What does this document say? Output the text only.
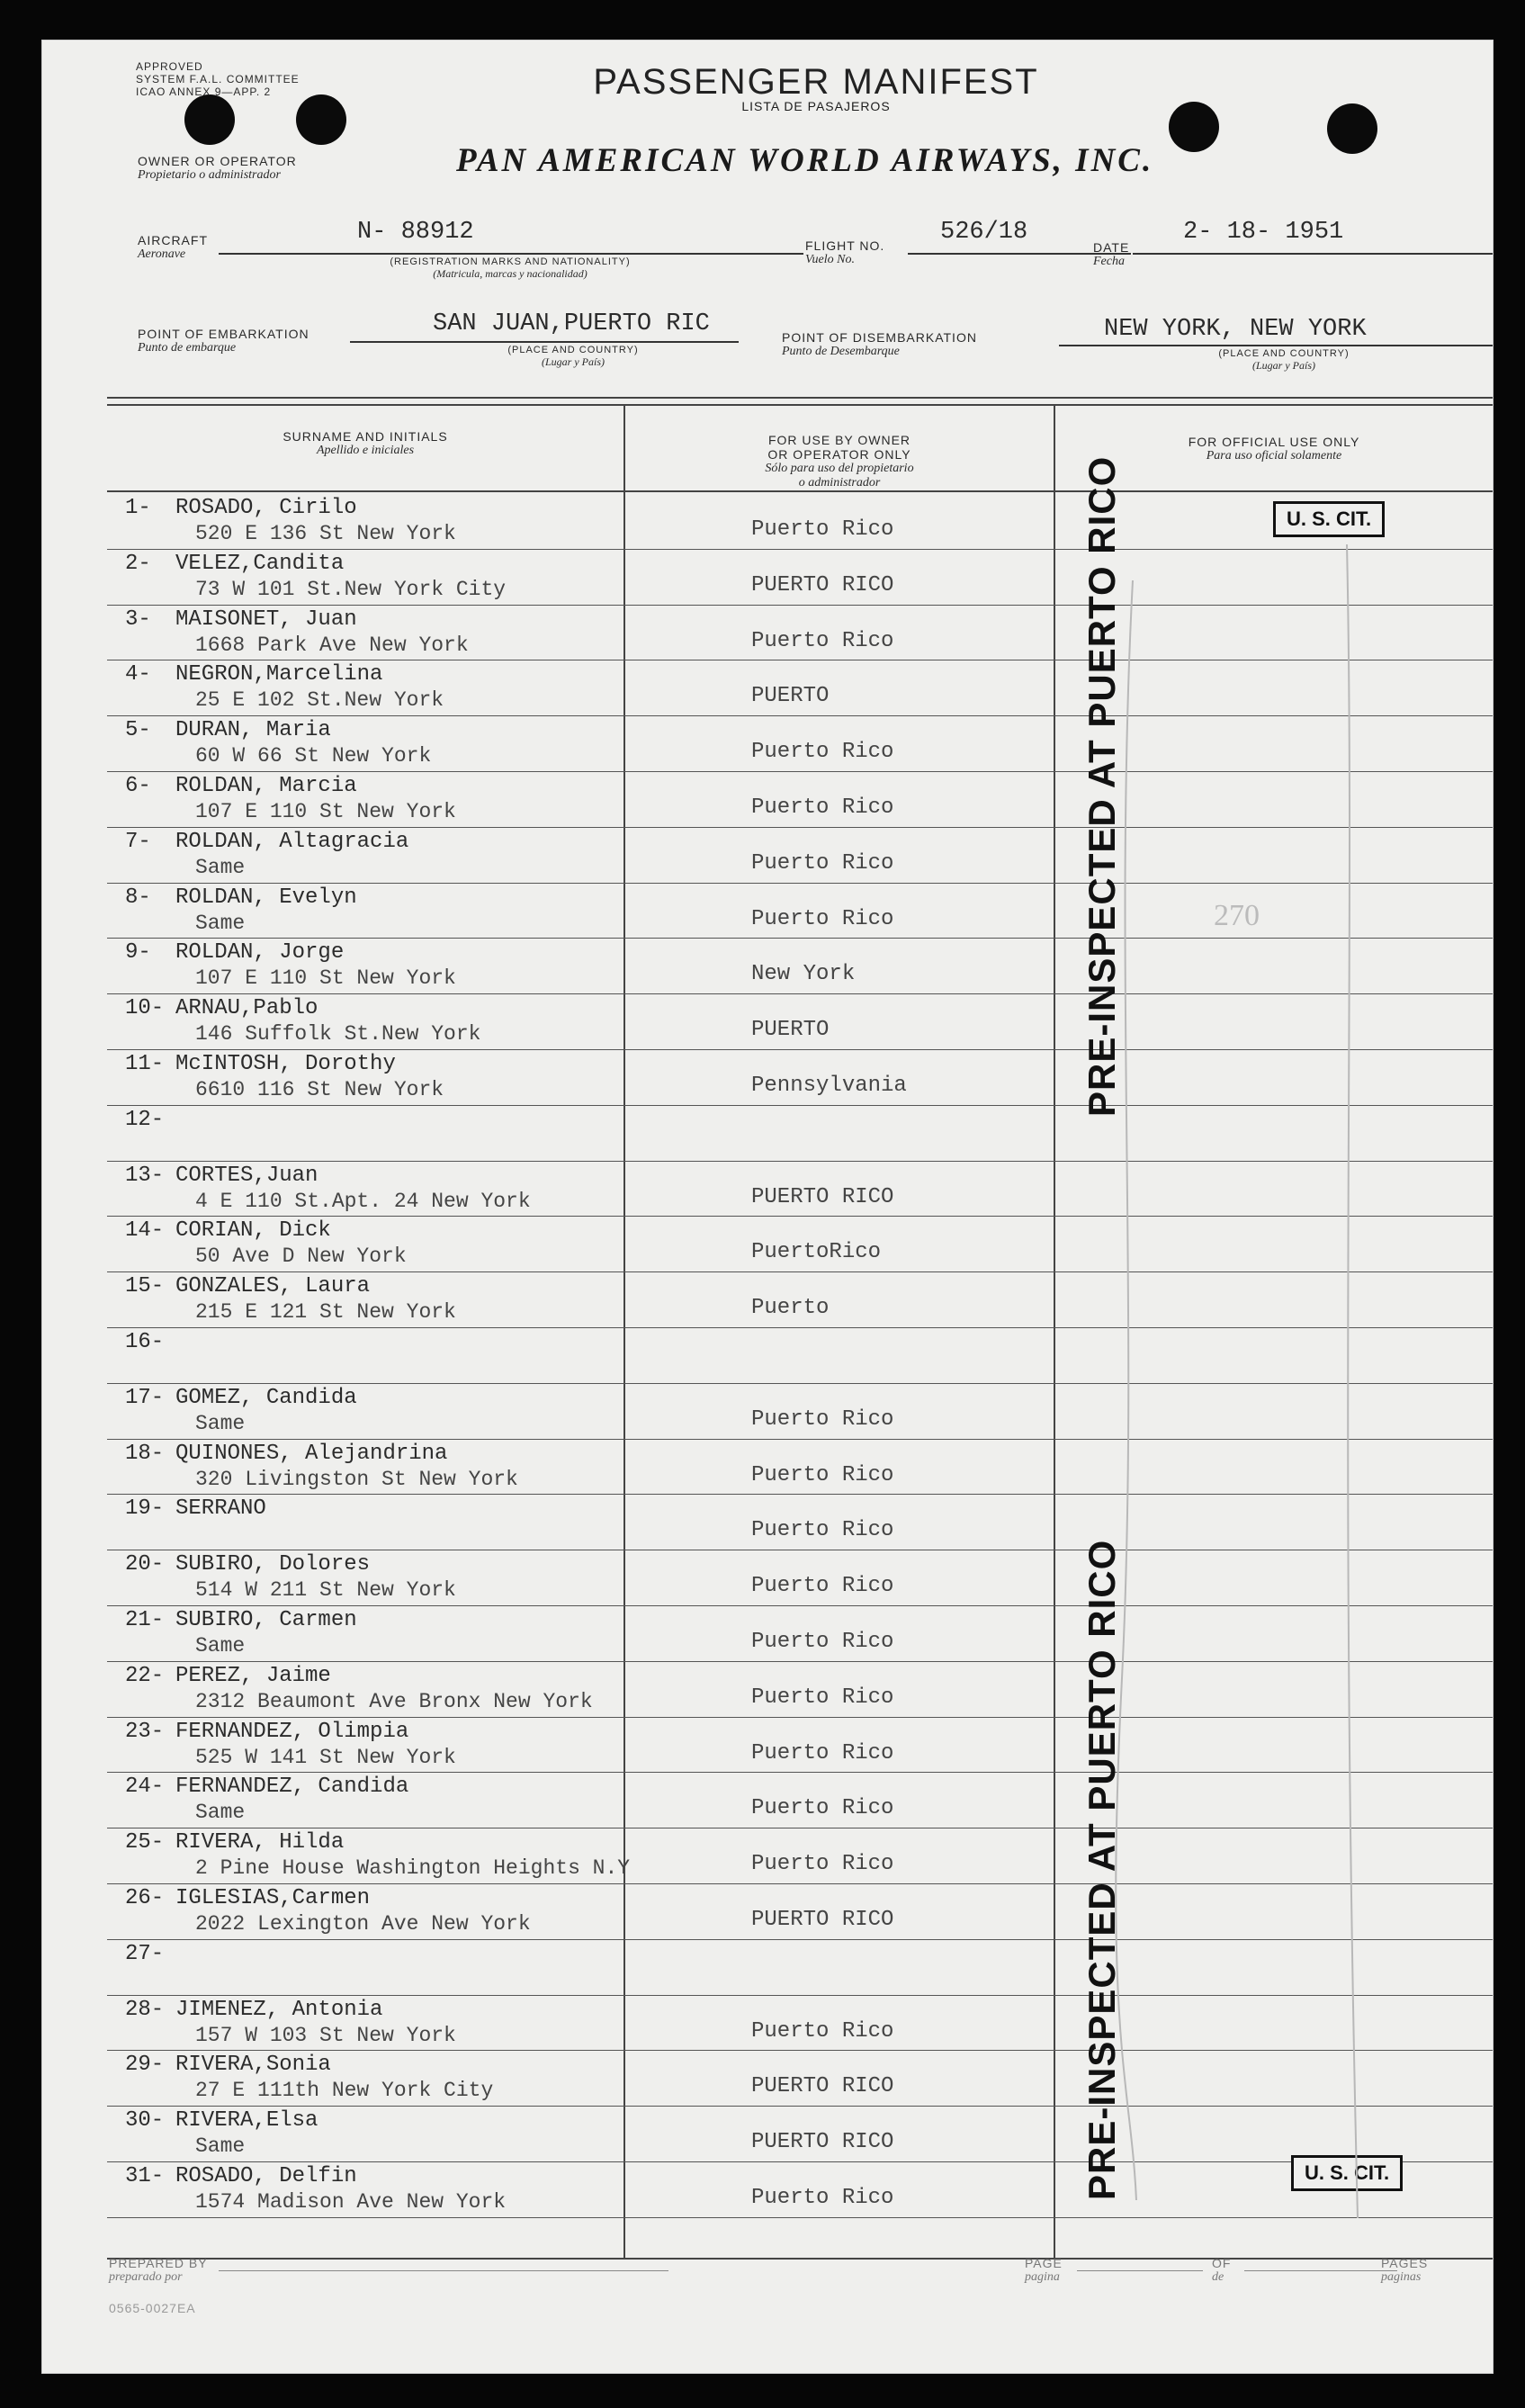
APPROVED
SYSTEM F.A.L. COMMITTEE
ICAO ANNEX 9—APP. 2	PASSENGER MANIFEST
LISTA DE PASAJEROS
OWNER OR OPERATOR
Propietario o administrador	PAN AMERICAN WORLD AIRWAYS, INC.
AIRCRAFT
Aeronave
N- 88912
(REGISTRATION MARKS AND NATIONALITY)
(Matricula, marcas y nacionalidad)
FLIGHT NO.
Vuelo No.
526/18
DATE
Fecha
2- 18- 1951
POINT OF EMBARKATION
Punto de embarque
SAN JUAN,PUERTO RIC
(PLACE AND COUNTRY)
(Lugar y País)
POINT OF DISEMBARKATION
Punto de Desembarque
NEW YORK, NEW YORK
(PLACE AND COUNTRY)
(Lugar y País)
SURNAME AND INITIALS
Apellido e iniciales

FOR USE BY OWNER
OR OPERATOR ONLY
Sólo para uso del propietario
o administrador

FOR OFFICIAL USE ONLY
Para uso oficial solamente
1- ROSADO, Cirilo
520 E 136 St New York	Puerto Rico
2- VELEZ,Candita
73 W 101 St.New York City	PUERTO RICO
3- MAISONET, Juan
1668 Park Ave New York	Puerto Rico
4- NEGRON,Marcelina
25 E 102 St.New York	PUERTO
5- DURAN, Maria
60 W 66 St New York	Puerto Rico
6- ROLDAN, Marcia
107 E 110 St New York	Puerto Rico
7- ROLDAN, Altagracia
Same	Puerto Rico
8- ROLDAN, Evelyn
Same	Puerto Rico
9- ROLDAN, Jorge
107 E 110 St New York	New York
10- ARNAU,Pablo
146 Suffolk St.New York	PUERTO
11- McINTOSH, Dorothy
6610 116 St New York	Pennsylvania
12-
13- CORTES,Juan
4 E 110 St.Apt. 24 New York	PUERTO RICO
14- CORIAN, Dick
50 Ave D New York	PuertoRico
15- GONZALES, Laura
215 E 121 St New York	Puerto
16-
17- GOMEZ, Candida
Same	Puerto Rico
18- QUINONES, Alejandrina
320 Livingston St New York	Puerto Rico
19- SERRANO
Puerto Rico
20- SUBIRO, Dolores
514 W 211 St New York	Puerto Rico
21- SUBIRO, Carmen
Same	Puerto Rico
22- PEREZ, Jaime
2312 Beaumont Ave Bronx New York	Puerto Rico
23- FERNANDEZ, Olimpia
525 W 141 St New York	Puerto Rico
24- FERNANDEZ, Candida
Same	Puerto Rico
25- RIVERA, Hilda
2 Pine House Washington Heights N.Y	Puerto Rico
26- IGLESIAS,Carmen
2022 Lexington Ave New York	PUERTO RICO
27-
28- JIMENEZ, Antonia
157 W 103 St New York	Puerto Rico
29- RIVERA,Sonia
27 E 111th New York City	PUERTO RICO
30- RIVERA,Elsa
Same	PUERTO RICO
31- ROSADO, Delfin
1574 Madison Ave New York	Puerto Rico
U. S. CIT.
PRE-INSPECTED AT PUERTO RICO	270
PRE-INSPECTED AT PUERTO RICO	U. S. CIT.
PREPARED BY
preparado por
PAGE
pagina
OF
de
PAGES
paginas
0565-0027EA
